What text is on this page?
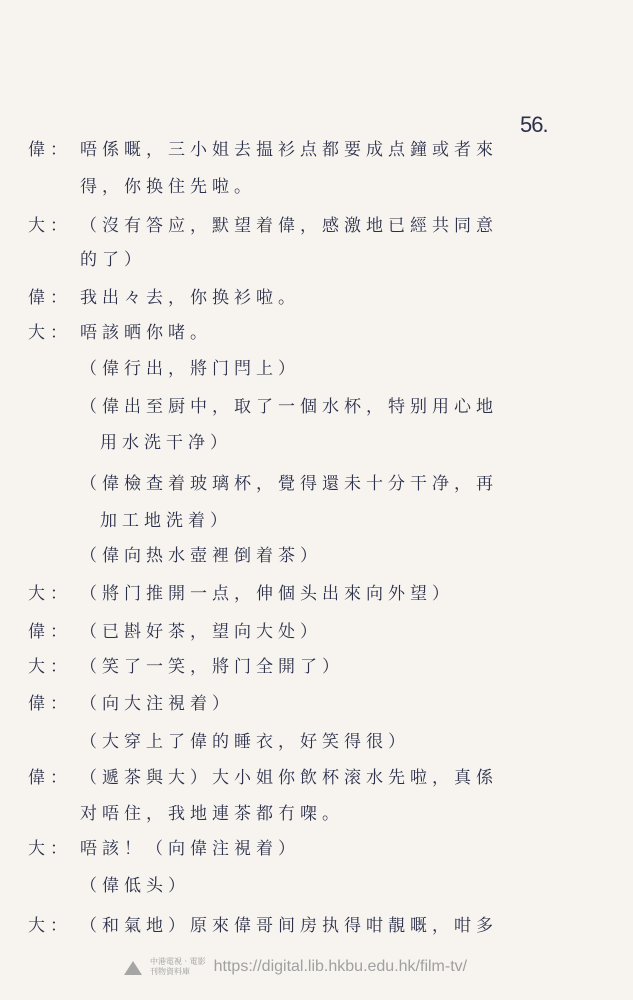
56.
偉： 唔係嘅，三小姐去揾衫点都要成点鐘或者來
得，你换住先啦。
大： （沒有答应，默望着偉，感激地已經共同意
的了）
偉： 我出々去，你换衫啦。
大： 唔該晒你啫。
（偉行出，將门閂上）
（偉出至厨中，取了一個水杯，特别用心地
用水洗干净）
（偉檢查着玻璃杯，覺得還未十分干净，再
加工地洗着）
（偉向热水壺裡倒着茶）
大： （將门推開一点，伸個头出來向外望）
偉： （已斟好茶，望向大处）
大： （笑了一笑，將门全開了）
偉： （向大注視着）
（大穿上了偉的睡衣，好笑得很）
偉： （遞茶與大）大小姐你飲杯滚水先啦，真係
对唔住，我地連茶都冇㗎。
大： 唔該！（向偉注視着）
（偉低头）
大： （和氣地）原來偉哥间房执得咁靚嘅，咁多
中港電視 · 電影
刊物資料庫	https://digital.lib.hkbu.edu.hk/film-tv/
